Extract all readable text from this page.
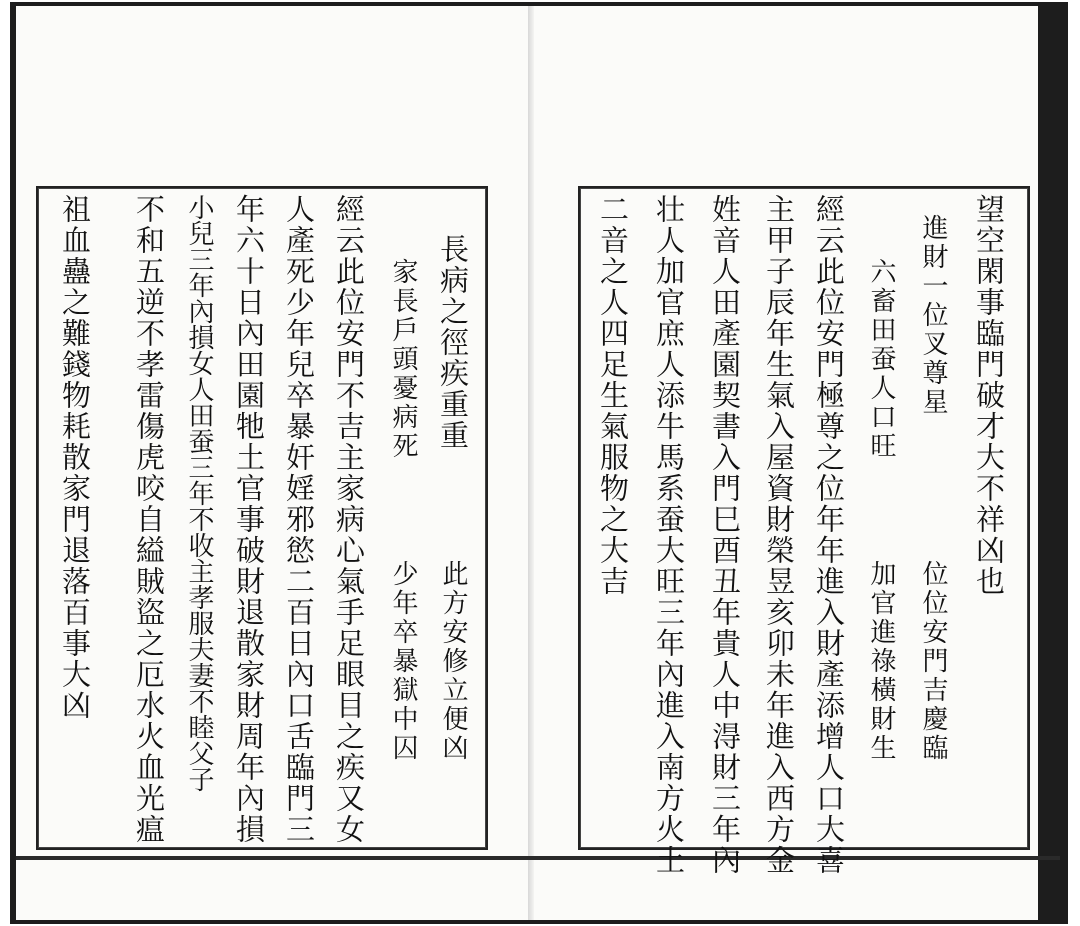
長病之徑疾重重
此方安修立便凶
家長戶頭憂病死
少年卒暴獄中囚
經云此位安門不吉主家病心氣手足眼目之疾又女
人產死少年兒卒暴奸婬邪慾二百日內口舌臨門三
年六十日內田園牠土官事破財退散家財周年內損
小兒三年內損女人田蚕三年不收主孝服夫妻不睦父子
不和五逆不孝雷傷虎咬自縊賊盜之厄水火血光瘟
祖血蠱之難錢物耗散家門退落百事大凶	望空閑事臨門破才大不祥凶也
進財一位叉尊星
位位安門吉慶臨
六畜田蚕人口旺
加官進祿橫財生
經云此位安門極尊之位年年進入財產添增人口大喜
主甲子辰年生氣入屋資財榮昱亥卯未年進入西方金
姓音人田產園契書入門巳酉丑年貴人中淂財三年內
壮人加官庶人添牛馬系蚕大旺三年內進入南方火土
二音之人四足生氣服物之大吉
